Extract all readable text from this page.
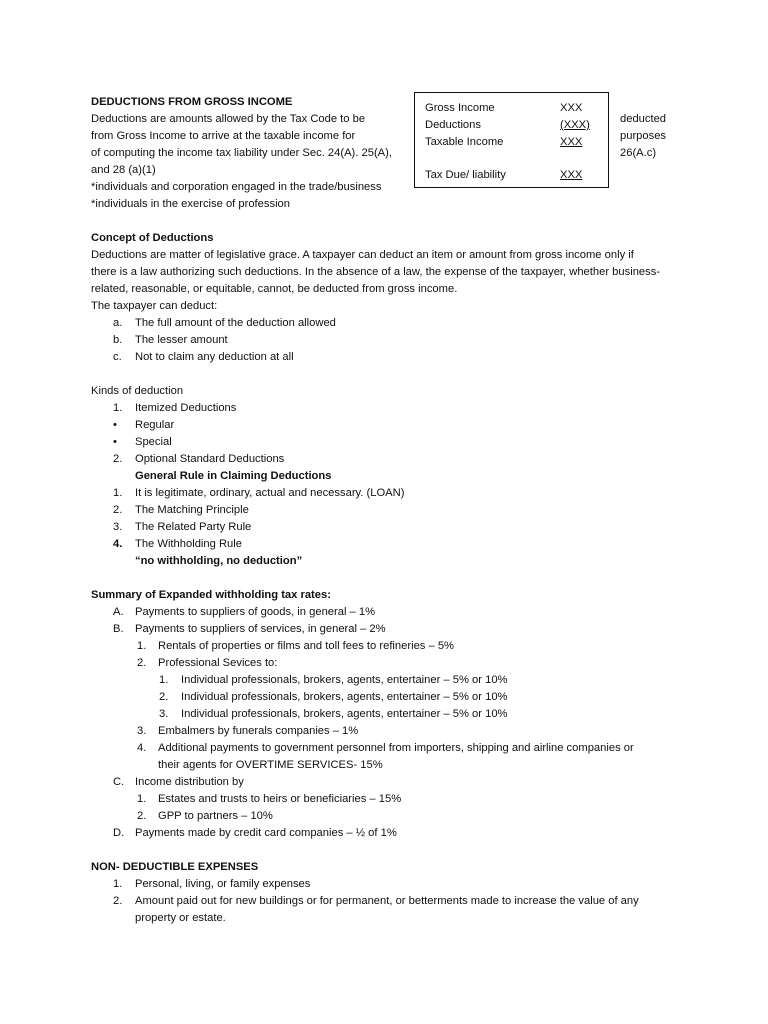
DEDUCTIONS FROM GROSS INCOME
Deductions are amounts allowed by the Tax Code to be
from Gross Income to arrive at the taxable income for
of computing the income tax liability under Sec. 24(A). 25(A),
and 28 (a)(1)
*individuals and corporation engaged in the trade/business
*individuals in the exercise of profession
Gross Income	XXX
Deductions	(XXX)
Taxable Income	XXX
Tax Due/ liability	XXX
deducted
purposes
26(A.c)
Concept of Deductions
Deductions are matter of legislative grace. A taxpayer can deduct an item or amount from gross income only if
there is a law authorizing such deductions. In the absence of a law, the expense of the taxpayer, whether business-
related, reasonable, or equitable, cannot, be deducted from gross income.
The taxpayer can deduct:
a. The full amount of the deduction allowed
b. The lesser amount
c. Not to claim any deduction at all
Kinds of deduction
1. Itemized Deductions
• Regular
• Special
2. Optional Standard Deductions
General Rule in Claiming Deductions
1. It is legitimate, ordinary, actual and necessary. (LOAN)
2. The Matching Principle
3. The Related Party Rule
4. The Withholding Rule
“no withholding, no deduction”
Summary of Expanded withholding tax rates:
A. Payments to suppliers of goods, in general – 1%
B. Payments to suppliers of services, in general – 2%
1. Rentals of properties or films and toll fees to refineries – 5%
2. Professional Sevices to:
1. Individual professionals, brokers, agents, entertainer – 5% or 10%
2. Individual professionals, brokers, agents, entertainer – 5% or 10%
3. Individual professionals, brokers, agents, entertainer – 5% or 10%
3. Embalmers by funerals companies – 1%
4. Additional payments to government personnel from importers, shipping and airline companies or
their agents for OVERTIME SERVICES- 15%
C. Income distribution by
1. Estates and trusts to heirs or beneficiaries – 15%
2. GPP to partners – 10%
D. Payments made by credit card companies – ½ of 1%
NON- DEDUCTIBLE EXPENSES
1. Personal, living, or family expenses
2. Amount paid out for new buildings or for permanent, or betterments made to increase the value of any
property or estate.
